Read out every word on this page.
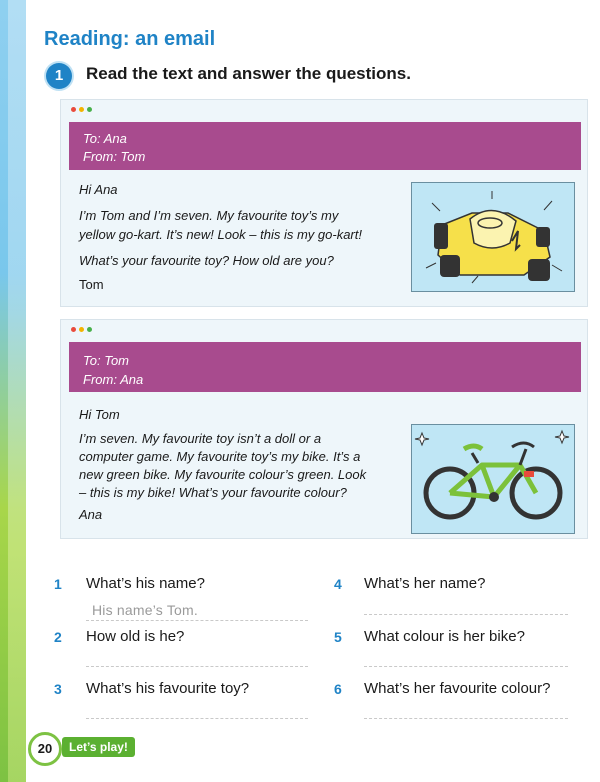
Reading: an email
1	Read the text and answer the questions.
To: Ana
From: Tom
Hi Ana
I’m Tom and I’m seven. My favourite toy’s my
yellow go-kart. It’s new! Look – this is my go-kart!
What’s your favourite toy? How old are you?
Tom
To: Tom
From: Ana
Hi Tom
I’m seven. My favourite toy isn’t a doll or a
computer game. My favourite toy’s my bike. It’s a
new green bike. My favourite colour’s green. Look
– this is my bike! What’s your favourite colour?
Ana
1 What’s his name?
His name’s Tom.
2 How old is he?
3 What’s his favourite toy?
4 What’s her name?
5 What colour is her bike?
6 What’s her favourite colour?
20	Let’s play!
